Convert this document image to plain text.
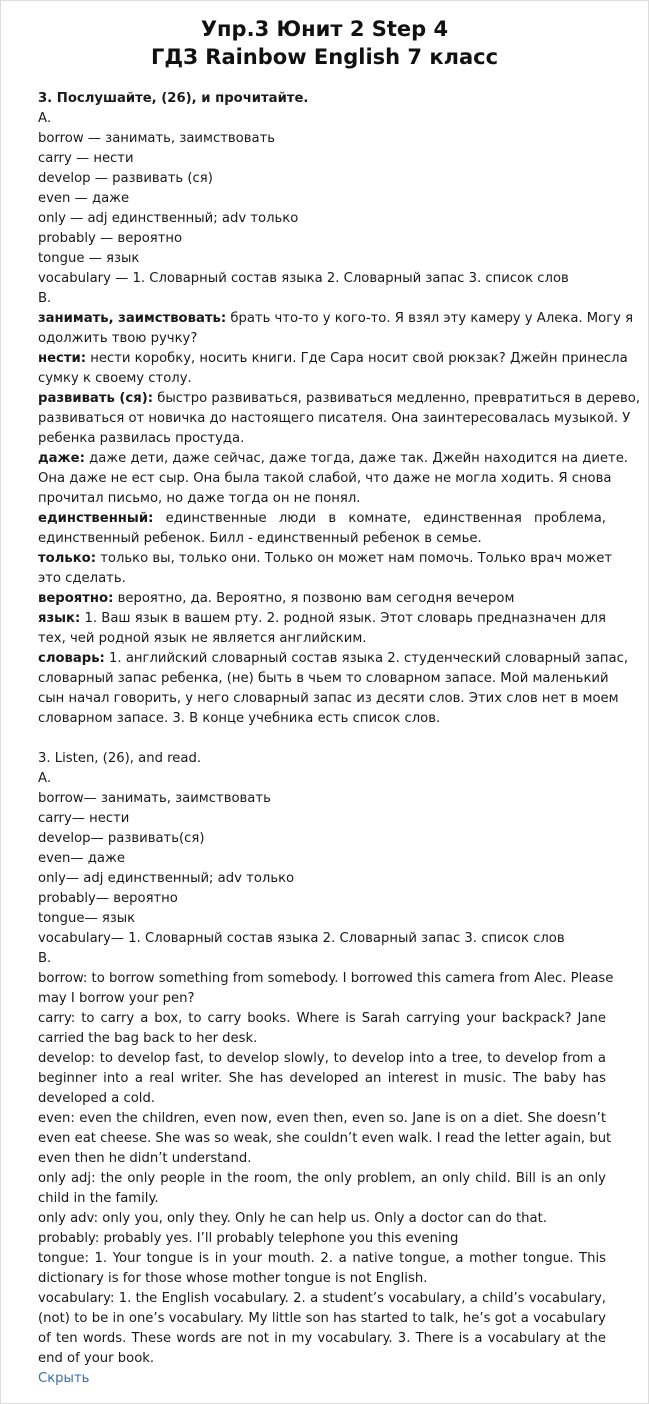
Упр.3 Юнит 2 Step 4
ГДЗ Rainbow English 7 класс
3. Послушайте, (26), и прочитайте.
А.
borrow — занимать, заимствовать
carry — нести
develop — развивать (ся)
even — даже
only — adj единственный; adv только
probably — вероятно
tongue — язык
vocabulary — 1. Словарный состав языка 2. Словарный запас 3. список слов
В.
занимать, заимствовать: брать что-то у кого-то. Я взял эту камеру у Алека. Могу я
одолжить твою ручку?
нести: нести коробку, носить книги. Где Сара носит свой рюкзак? Джейн принесла
сумку к своему столу.
развивать (ся): быстро развиваться, развиваться медленно, превратиться в дерево,
развиваться от новичка до настоящего писателя. Она заинтересовалась музыкой. У
ребенка развилась простуда.
даже: даже дети, даже сейчас, даже тогда, даже так. Джейн находится на диете.
Она даже не ест сыр. Она была такой слабой, что даже не могла ходить. Я снова
прочитал письмо, но даже тогда он не понял.
единственный: единственные люди в комнате, единственная проблема,
единственный ребенок. Билл - единственный ребенок в семье.
только: только вы, только они. Только он может нам помочь. Только врач может
это сделать.
вероятно: вероятно, да. Вероятно, я позвоню вам сегодня вечером
язык: 1. Ваш язык в вашем рту. 2. родной язык. Этот словарь предназначен для
тех, чей родной язык не является английским.
словарь: 1. английский словарный состав языка 2. студенческий словарный запас,
словарный запас ребенка, (не) быть в чьем то словарном запасе. Мой маленький
сын начал говорить, у него словарный запас из десяти слов. Этих слов нет в моем
словарном запасе. 3. В конце учебника есть список слов.
3. Listen, (26), and read.
А.
borrow— занимать, заимствовать
carry— нести
develop— развивать(ся)
even— даже
only— adj единственный; adv только
probably— вероятно
tongue— язык
vocabulary— 1. Словарный состав языка 2. Словарный запас 3. список слов
В.
borrow: to borrow something from somebody. I borrowed this camera from Alec. Please
may I borrow your pen?
carry: to carry a box, to carry books. Where is Sarah carrying your backpack? Jane
carried the bag back to her desk.
develop: to develop fast, to develop slowly, to develop into a tree, to develop from a
beginner into a real writer. She has developed an interest in music. The baby has
developed a cold.
even: even the children, even now, even then, even so. Jane is on a diet. She doesn’t
even eat cheese. She was so weak, she couldn’t even walk. I read the letter again, but
even then he didn’t understand.
only adj: the only people in the room, the only problem, an only child. Bill is an only
child in the family.
only adv: only you, only they. Only he can help us. Only a doctor can do that.
probably: probably yes. I’ll probably telephone you this evening
tongue: 1. Your tongue is in your mouth. 2. a native tongue, a mother tongue. This
dictionary is for those whose mother tongue is not English.
vocabulary: 1. the English vocabulary. 2. a student’s vocabulary, a child’s vocabulary,
(not) to be in one’s vocabulary. My little son has started to talk, he’s got a vocabulary
of ten words. These words are not in my vocabulary. 3. There is a vocabulary at the
end of your book.
Скрыть
